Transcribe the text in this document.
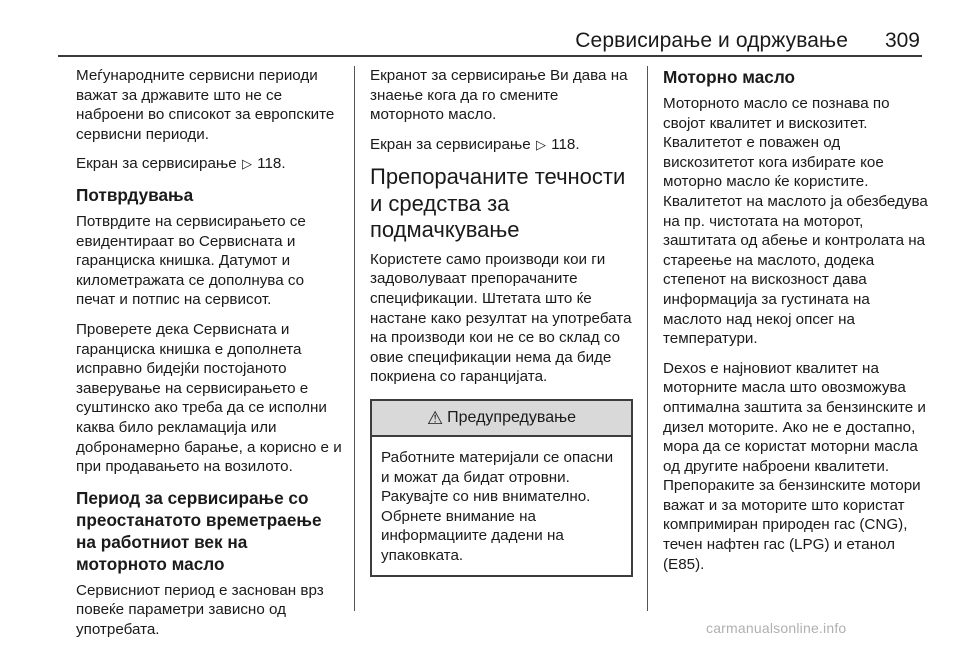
Сервисирање и одржување 309

Меѓународните сервисни периоди важат за државите што не се наброени во списокот за европските сервисни периоди.

Екран за сервисирање ▷ 118.

Потврдувања

Потврдите на сервисирањето се евидентираат во Сервисната и гаранциска книшка. Датумот и километражата се дополнува со печат и потпис на сервисот.

Проверете дека Сервисната и гаранциска книшка е дополнета исправно бидејќи постојаното заверување на сервисирањето е суштинско ако треба да се исполни каква било рекламација или добронамерно барање, а корисно е и при продавањето на возилото.

Период за сервисирање со преостанатото времетраење на работниот век на моторното масло

Сервисниот период е заснован врз повеќе параметри зависно од употребата.

Екранот за сервисирање Ви дава на знаење кога да го смените моторното масло.

Екран за сервисирање ▷ 118.

Препорачаните течности и средства за подмачкување

Користете само производи кои ги задоволуваат препорачаните спецификации. Штетата што ќе настане како резултат на употребата на производи кои не се во склад со овие спецификации нема да биде покриена со гаранцијата.

⚠ Предупредување
Работните материјали се опасни и можат да бидат отровни. Ракувајте со нив внимателно. Обрнете внимание на информациите дадени на упаковката.
Моторно масло

Моторното масло се познава по својот квалитет и вискозитет. Квалитетот е поважен од вискозитетот кога избирате кое моторно масло ќе користите. Квалитетот на маслото ја обезбедува на пр. чистотата на моторот, заштитата од абење и контролата на стареење на маслото, додека степенот на вискозност дава информација за густината на маслото над некој опсег на температури.

Dexos е најновиот квалитет на моторните масла што овозможува оптимална заштита за бензинските и дизел моторите. Ако не е достапно, мора да се користат моторни масла од другите наброени квалитети. Препораките за бензинските мотори важат и за моторите што користат компримиран природен гас (CNG), течен нафтен гас (LPG) и етанол (E85).

carmanualsonline.info
